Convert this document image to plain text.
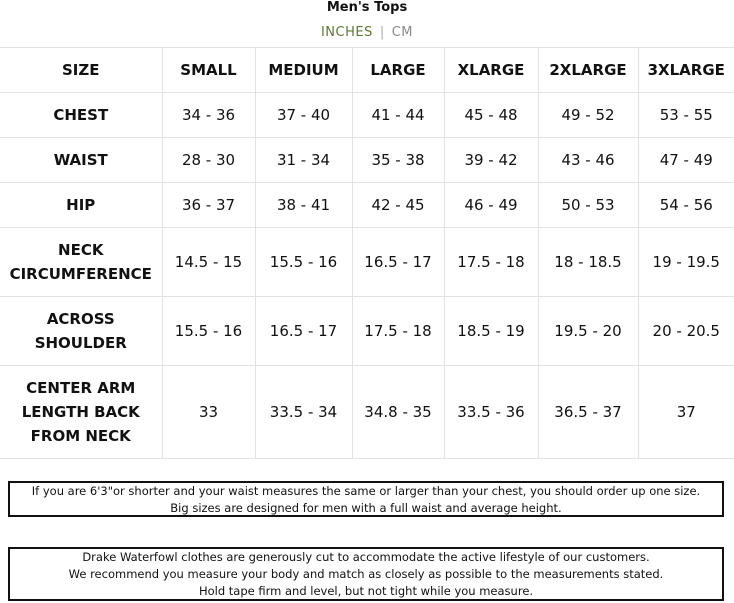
Men's Tops
INCHES | CM
SIZE	SMALL	MEDIUM	LARGE	XLARGE	2XLARGE	3XLARGE
CHEST	34 - 36	37 - 40	41 - 44	45 - 48	49 - 52	53 - 55
WAIST	28 - 30	31 - 34	35 - 38	39 - 42	43 - 46	47 - 49
HIP	36 - 37	38 - 41	42 - 45	46 - 49	50 - 53	54 - 56
NECK
CIRCUMFERENCE	14.5 - 15	15.5 - 16	16.5 - 17	17.5 - 18	18 - 18.5	19 - 19.5
ACROSS
SHOULDER	15.5 - 16	16.5 - 17	17.5 - 18	18.5 - 19	19.5 - 20	20 - 20.5
CENTER ARM
LENGTH BACK
FROM NECK	33	33.5 - 34	34.8 - 35	33.5 - 36	36.5 - 37	37
If you are 6'3"or shorter and your waist measures the same or larger than your chest, you should order up one size.
Big sizes are designed for men with a full waist and average height.
Drake Waterfowl clothes are generously cut to accommodate the active lifestyle of our customers.
We recommend you measure your body and match as closely as possible to the measurements stated.
Hold tape firm and level, but not tight while you measure.
